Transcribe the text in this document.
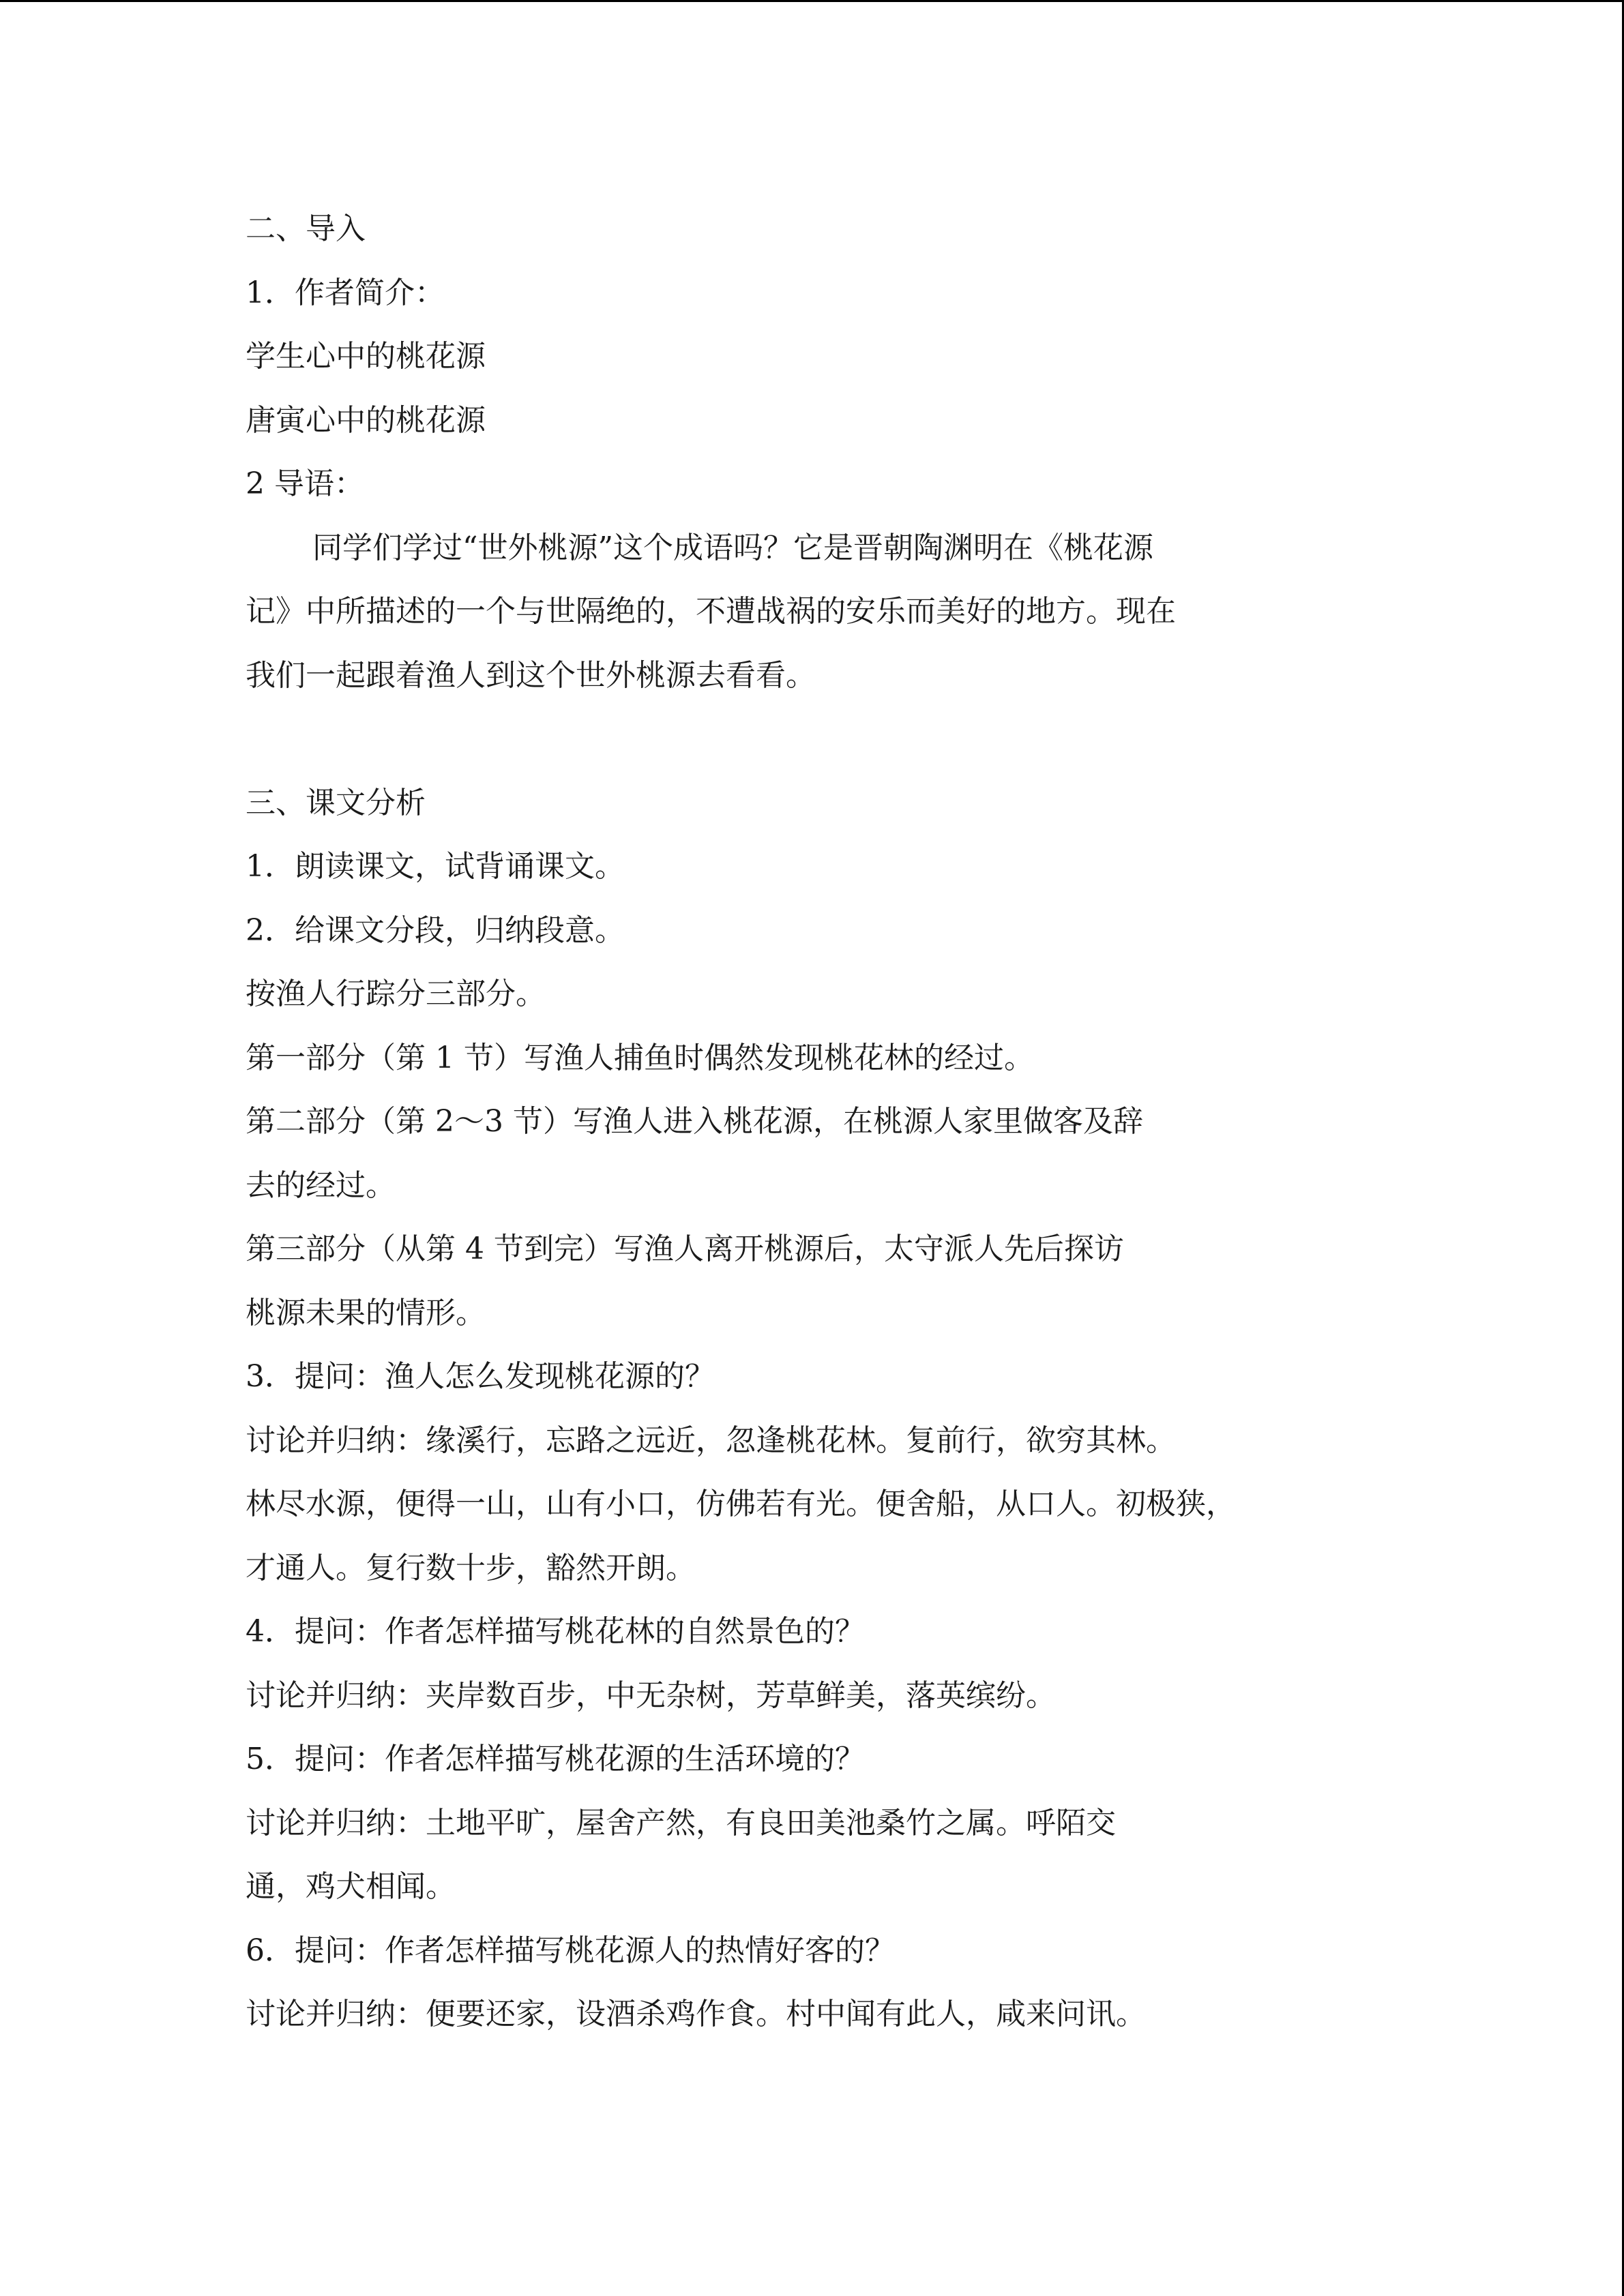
二、导入

1．作者简介：

学生心中的桃花源

唐寅心中的桃花源

2 导语：

同学们学过“世外桃源”这个成语吗？它是晋朝陶渊明在《桃花源

记》中所描述的一个与世隔绝的，不遭战祸的安乐而美好的地方。现在

我们一起跟着渔人到这个世外桃源去看看。

三、课文分析

1．朗读课文，试背诵课文。

2．给课文分段，归纳段意。

按渔人行踪分三部分。

第一部分（第 1 节）写渔人捕鱼时偶然发现桃花林的经过。

第二部分（第 2～3 节）写渔人进入桃花源，在桃源人家里做客及辞

去的经过。

第三部分（从第 4 节到完）写渔人离开桃源后，太守派人先后探访

桃源未果的情形。

3．提问：渔人怎么发现桃花源的？

讨论并归纳：缘溪行，忘路之远近，忽逢桃花林。复前行，欲穷其林。

林尽水源，便得一山，山有小口，仿佛若有光。便舍船，从口人。初极狭，

才通人。复行数十步，豁然开朗。

4．提问：作者怎样描写桃花林的自然景色的？

讨论并归纳：夹岸数百步，中无杂树，芳草鲜美，落英缤纷。

5．提问：作者怎样描写桃花源的生活环境的？

讨论并归纳：土地平旷，屋舍产然，有良田美池桑竹之属。呼陌交

通，鸡犬相闻。

6．提问：作者怎样描写桃花源人的热情好客的？

讨论并归纳：便要还家，设酒杀鸡作食。村中闻有此人，咸来问讯。
